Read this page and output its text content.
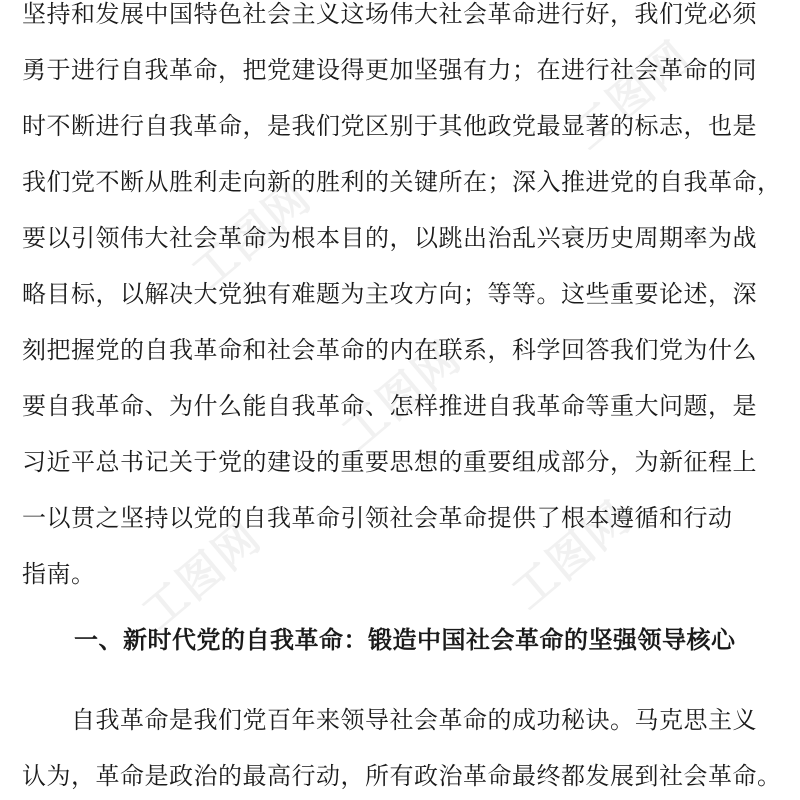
工图网
工图网
工图网	工图网
工图网
坚持和发展中国特色社会主义这场伟大社会革命进行好，我们党必须
勇于进行自我革命，把党建设得更加坚强有力；在进行社会革命的同
时不断进行自我革命，是我们党区别于其他政党最显著的标志，也是
我们党不断从胜利走向新的胜利的关键所在；深入推进党的自我革命，
要以引领伟大社会革命为根本目的，以跳出治乱兴衰历史周期率为战
略目标，以解决大党独有难题为主攻方向；等等。这些重要论述，深
刻把握党的自我革命和社会革命的内在联系，科学回答我们党为什么
要自我革命、为什么能自我革命、怎样推进自我革命等重大问题，是
习近平总书记关于党的建设的重要思想的重要组成部分，为新征程上
一以贯之坚持以党的自我革命引领社会革命提供了根本遵循和行动
指南。
一、新时代党的自我革命：锻造中国社会革命的坚强领导核心
　　自我革命是我们党百年来领导社会革命的成功秘诀。马克思主义
认为，革命是政治的最高行动，所有政治革命最终都发展到社会革命。
